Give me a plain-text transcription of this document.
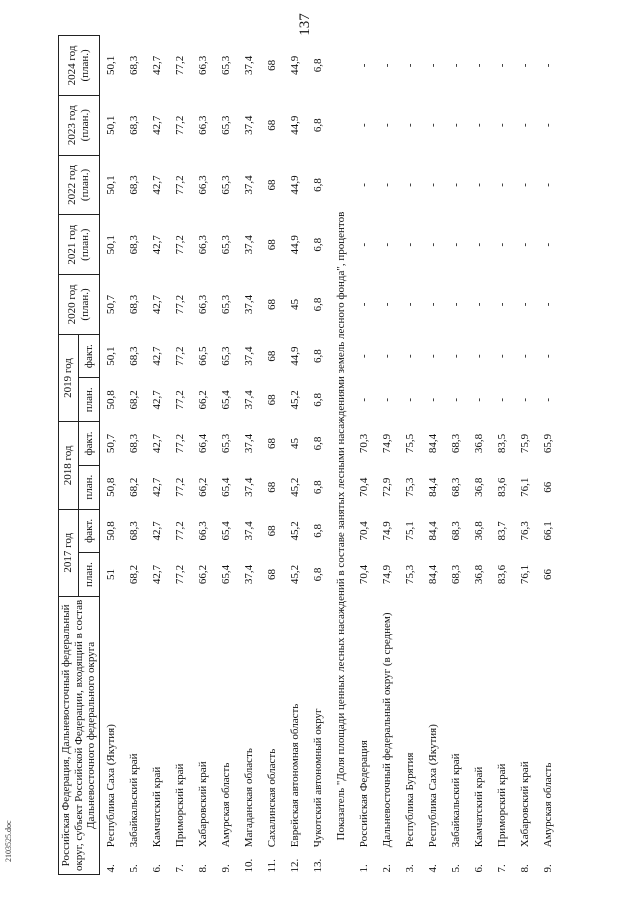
137
2103525.doc	Российская Федерация, Дальневосточный федеральный округ, субъект Российской Федерации, входящий в состав Дальневосточного федерального округа		2017 год		2018 год		2019 год		2020 год (план.)	2021 год (план.)	2022 год (план.)	2023 год (план.)	2024 год (план.)
		план.	факт.	план.	факт.	план.	факт.					
4.	Республика Саха (Якутия)	51	50,8	50,8	50,7	50,8	50,1	50,7	50,1	50,1	50,1	50,1
5.	Забайкальский край	68,2	68,3	68,2	68,3	68,2	68,3	68,3	68,3	68,3	68,3	68,3
6.	Камчатский край	42,7	42,7	42,7	42,7	42,7	42,7	42,7	42,7	42,7	42,7	42,7
7.	Приморский край	77,2	77,2	77,2	77,2	77,2	77,2	77,2	77,2	77,2	77,2	77,2
8.	Хабаровский край	66,2	66,3	66,2	66,4	66,2	66,5	66,3	66,3	66,3	66,3	66,3
9.	Амурская область	65,4	65,4	65,4	65,3	65,4	65,3	65,3	65,3	65,3	65,3	65,3
10.	Магаданская область	37,4	37,4	37,4	37,4	37,4	37,4	37,4	37,4	37,4	37,4	37,4
11.	Сахалинская область	68	68	68	68	68	68	68	68	68	68	68
12.	Еврейская автономная область	45,2	45,2	45,2	45	45,2	44,9	45	44,9	44,9	44,9	44,9
13.	Чукотский автономный округ	6,8	6,8	6,8	6,8	6,8	6,8	6,8	6,8	6,8	6,8	6,8
Показатель "Доля площади ценных лесных насаждений в составе занятых лесными насаждениями земель лесного фонда", процентов												
1.	Российская Федерация	70,4	70,4	70,4	70,3	-	-	-	-	-	-	-
2.	Дальневосточный федеральный округ (в среднем)	74,9	74,9	72,9	74,9	-	-	-	-	-	-	-
3.	Республика Бурятия	75,3	75,1	75,3	75,5	-	-	-	-	-	-	-
4.	Республика Саха (Якутия)	84,4	84,4	84,4	84,4	-	-	-	-	-	-	-
5.	Забайкальский край	68,3	68,3	68,3	68,3	-	-	-	-	-	-	-
6.	Камчатский край	36,8	36,8	36,8	36,8	-	-	-	-	-	-	-
7.	Приморский край	83,6	83,7	83,6	83,5	-	-	-	-	-	-	-
8.	Хабаровский край	76,1	76,3	76,1	75,9	-	-	-	-	-	-	-
9.	Амурская область	66	66,1	66	65,9	-	-	-	-	-	-	-
